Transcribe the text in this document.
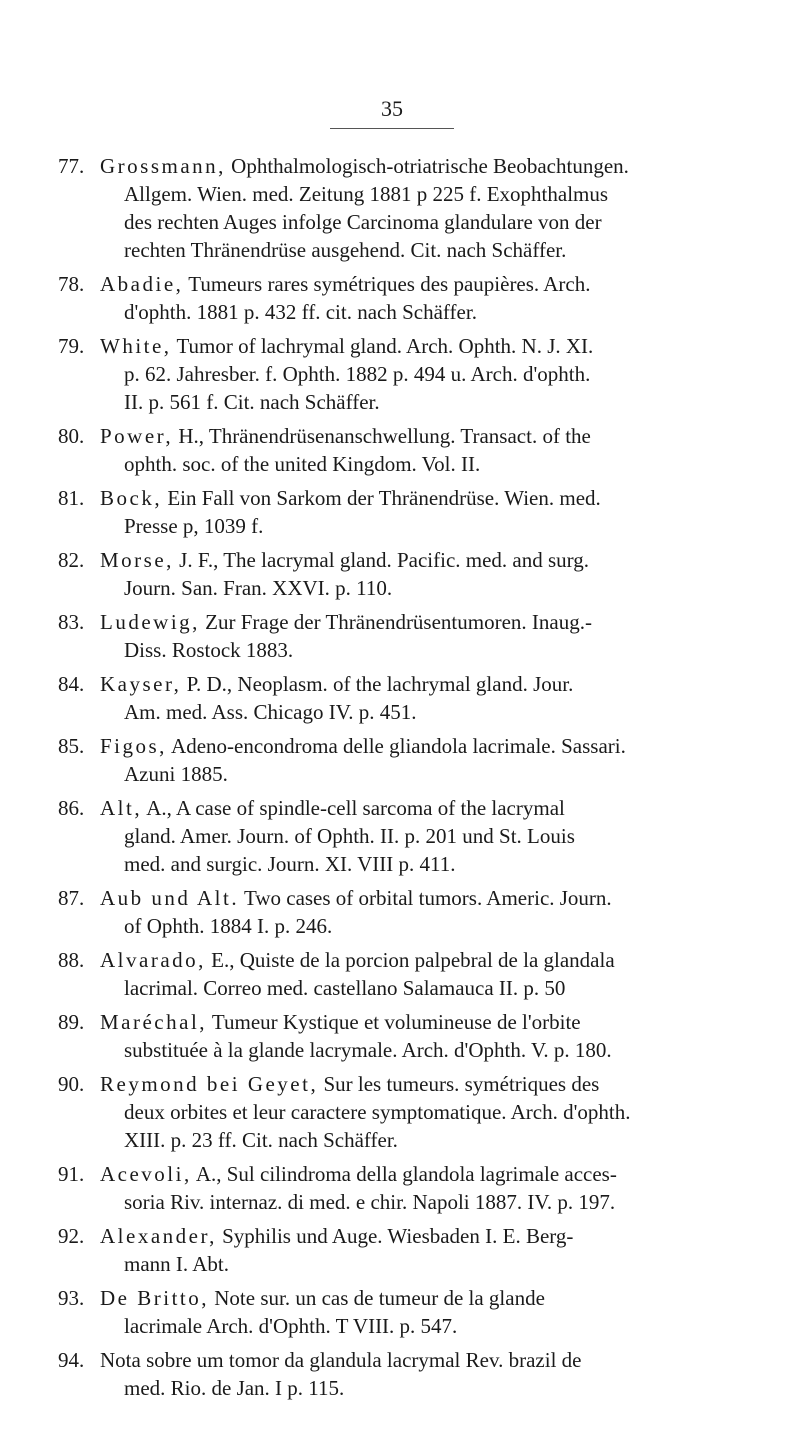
35
77. Grossmann, Ophthalmologisch-otriatrische Beobachtungen.
Allgem. Wien. med. Zeitung 1881 p 225 f. Exophthalmus
des rechten Auges infolge Carcinoma glandulare von der
rechten Thränendrüse ausgehend. Cit. nach Schäffer.
78. Abadie, Tumeurs rares symétriques des paupières. Arch.
d'ophth. 1881 p. 432 ff. cit. nach Schäffer.
79. White, Tumor of lachrymal gland. Arch. Ophth. N. J. XI.
p. 62. Jahresber. f. Ophth. 1882 p. 494 u. Arch. d'ophth.
II. p. 561 f. Cit. nach Schäffer.
80. Power, H., Thränendrüsenanschwellung. Transact. of the
ophth. soc. of the united Kingdom. Vol. II.
81. Bock, Ein Fall von Sarkom der Thränendrüse. Wien. med.
Presse p, 1039 f.
82. Morse, J. F., The lacrymal gland. Pacific. med. and surg.
Journ. San. Fran. XXVI. p. 110.
83. Ludewig, Zur Frage der Thränendrüsentumoren. Inaug.-
Diss. Rostock 1883.
84. Kayser, P. D., Neoplasm. of the lachrymal gland. Jour.
Am. med. Ass. Chicago IV. p. 451.
85. Figos, Adeno-encondroma delle gliandola lacrimale. Sassari.
Azuni 1885.
86. Alt, A., A case of spindle-cell sarcoma of the lacrymal
gland. Amer. Journ. of Ophth. II. p. 201 und St. Louis
med. and surgic. Journ. XI. VIII p. 411.
87. Aub und Alt. Two cases of orbital tumors. Americ. Journ.
of Ophth. 1884 I. p. 246.
88. Alvarado, E., Quiste de la porcion palpebral de la glandala
lacrimal. Correo med. castellano Salamauca II. p. 50
89. Maréchal, Tumeur Kystique et volumineuse de l'orbite
substituée à la glande lacrymale. Arch. d'Ophth. V. p. 180.
90. Reymond bei Geyet, Sur les tumeurs. symétriques des
deux orbites et leur caractere symptomatique. Arch. d'ophth.
XIII. p. 23 ff. Cit. nach Schäffer.
91. Acevoli, A., Sul cilindroma della glandola lagrimale acces-
soria Riv. internaz. di med. e chir. Napoli 1887. IV. p. 197.
92. Alexander, Syphilis und Auge. Wiesbaden I. E. Berg-
mann I. Abt.
93. De Britto, Note sur. un cas de tumeur de la glande
lacrimale Arch. d'Ophth. T VIII. p. 547.
94. Nota sobre um tomor da glandula lacrymal Rev. brazil de
med. Rio. de Jan. I p. 115.
